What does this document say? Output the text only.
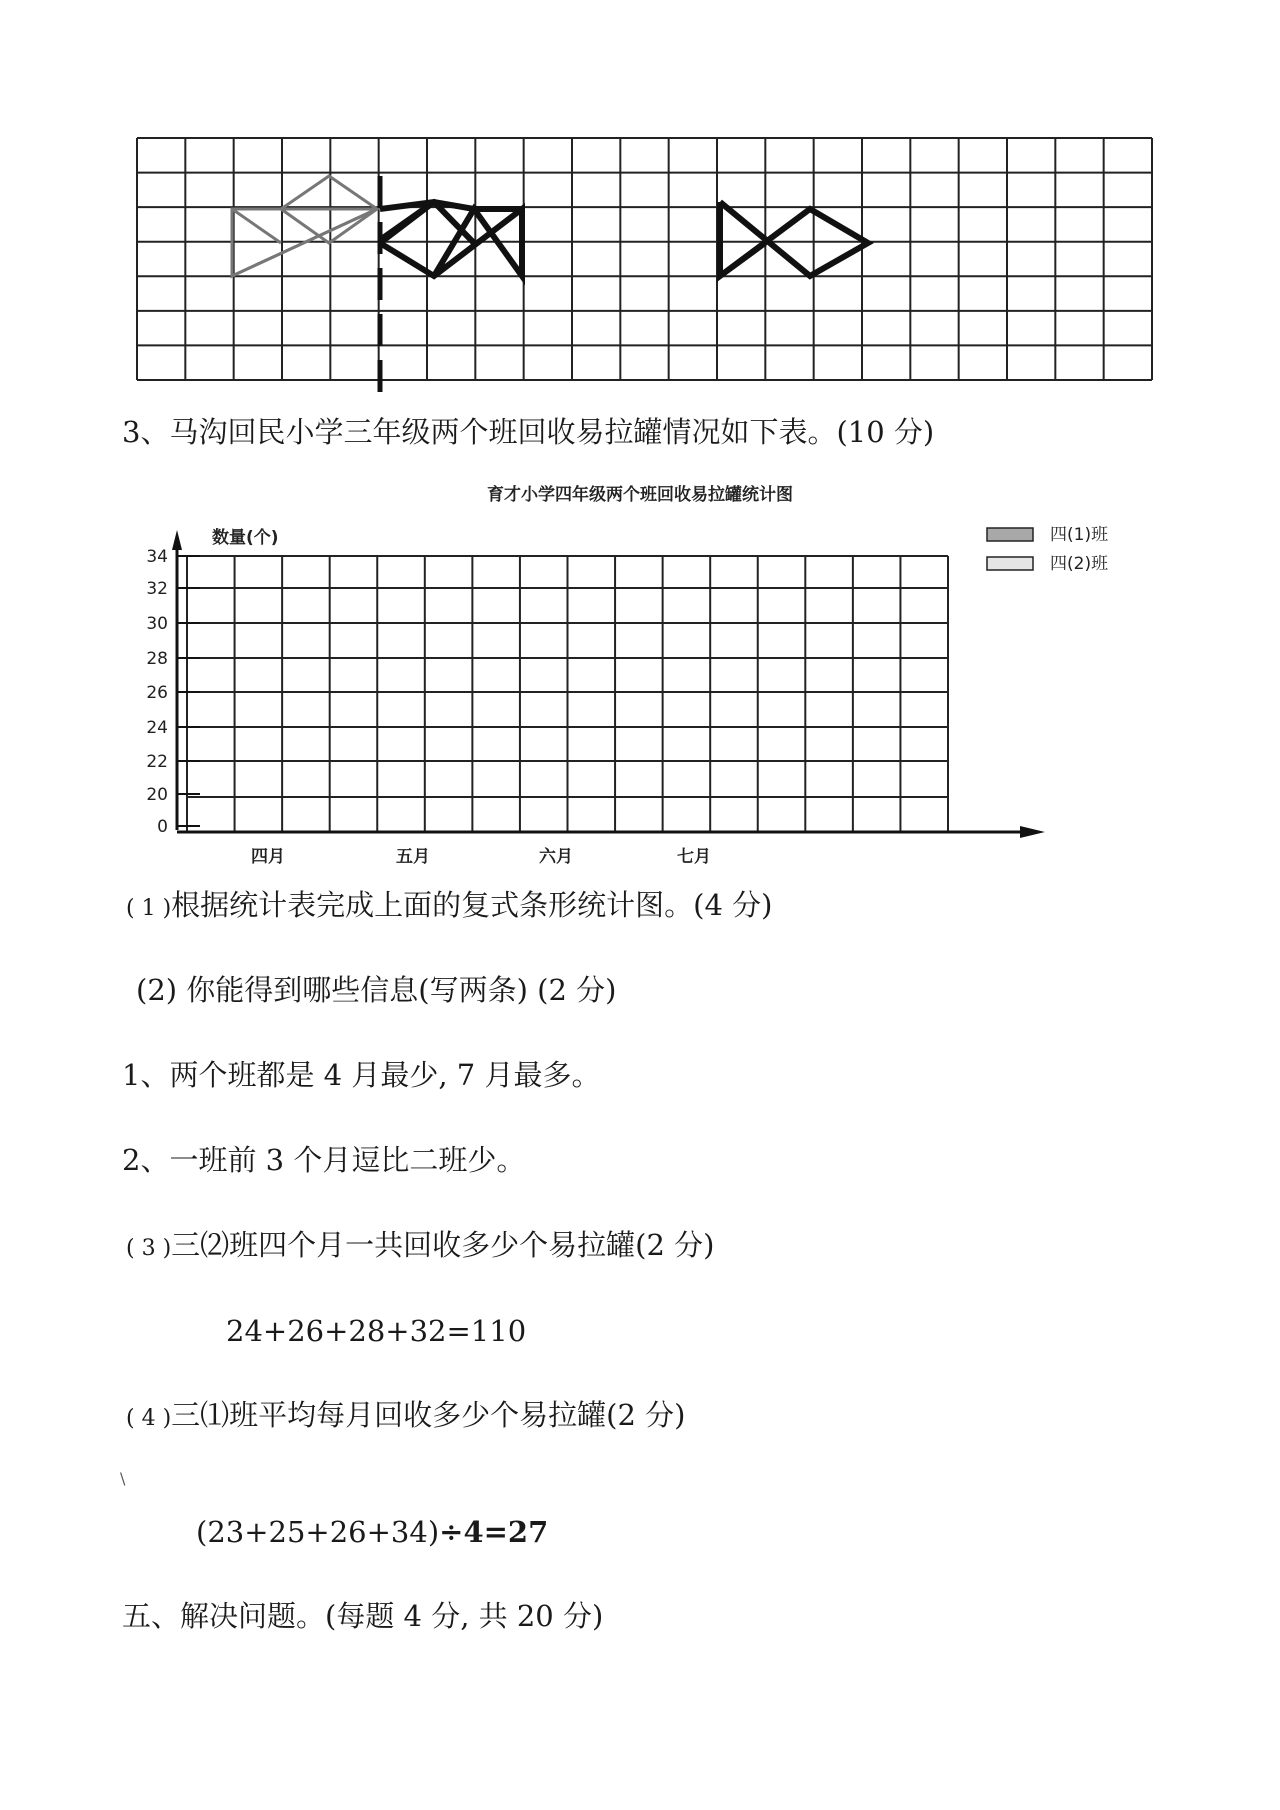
3、马沟回民小学三年级两个班回收易拉罐情况如下表。(10 分)
育才小学四年级两个班回收易拉罐统计图
数量(个)	四(1)班
四(2)班
34
32
30
28
26
24
22
20
0
四月	五月	六月	七月
( 1 )根据统计表完成上面的复式条形统计图。(4 分)
(2) 你能得到哪些信息(写两条) (2 分)
1、两个班都是 4 月最少, 7 月最多。
2、一班前 3 个月逗比二班少。
( 3 )三⑵班四个月一共回收多少个易拉罐(2 分)
24+26+28+32=110
( 4 )三⑴班平均每月回收多少个易拉罐(2 分)
\
(23+25+26+34)÷4=27
五、解决问题。(每题 4 分, 共 20 分)
